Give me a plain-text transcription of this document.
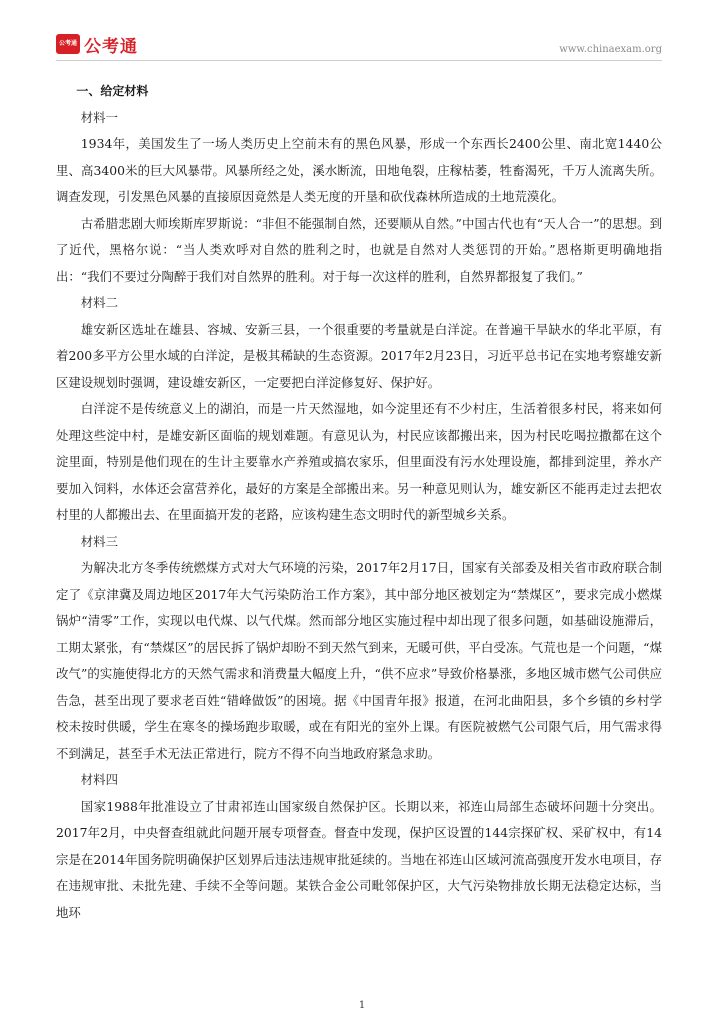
公考通 公考通	www.chinaexam.org

一、给定材料

材料一

1934年，美国发生了一场人类历史上空前未有的黑色风暴，形成一个东西长2400公里、南北宽1440公里、高3400米的巨大风暴带。风暴所经之处，溪水断流，田地龟裂，庄稼枯萎，牲畜渴死，千万人流离失所。调查发现，引发黑色风暴的直接原因竟然是人类无度的开垦和砍伐森林所造成的土地荒漠化。

古希腊悲剧大师埃斯库罗斯说：“非但不能强制自然，还要顺从自然。”中国古代也有“天人合一”的思想。到了近代，黑格尔说：“当人类欢呼对自然的胜利之时，也就是自然对人类惩罚的开始。”恩格斯更明确地指出：“我们不要过分陶醉于我们对自然界的胜利。对于每一次这样的胜利，自然界都报复了我们。”

材料二

雄安新区选址在雄县、容城、安新三县，一个很重要的考量就是白洋淀。在普遍干旱缺水的华北平原，有着200多平方公里水域的白洋淀，是极其稀缺的生态资源。2017年2月23日，习近平总书记在实地考察雄安新区建设规划时强调，建设雄安新区，一定要把白洋淀修复好、保护好。

白洋淀不是传统意义上的湖泊，而是一片天然湿地，如今淀里还有不少村庄，生活着很多村民，将来如何处理这些淀中村，是雄安新区面临的规划难题。有意见认为，村民应该都搬出来，因为村民吃喝拉撒都在这个淀里面，特别是他们现在的生计主要靠水产养殖或搞农家乐，但里面没有污水处理设施，都排到淀里，养水产要加入饲料，水体还会富营养化，最好的方案是全部搬出来。另一种意见则认为，雄安新区不能再走过去把农村里的人都搬出去、在里面搞开发的老路，应该构建生态文明时代的新型城乡关系。

材料三

为解决北方冬季传统燃煤方式对大气环境的污染，2017年2月17日，国家有关部委及相关省市政府联合制定了《京津冀及周边地区2017年大气污染防治工作方案》，其中部分地区被划定为“禁煤区”，要求完成小燃煤锅炉“清零”工作，实现以电代煤、以气代煤。然而部分地区实施过程中却出现了很多问题，如基础设施滞后，工期太紧张，有“禁煤区”的居民拆了锅炉却盼不到天然气到来，无暖可供，平白受冻。气荒也是一个问题，“煤改气”的实施使得北方的天然气需求和消费量大幅度上升，“供不应求”导致价格暴涨，多地区城市燃气公司供应告急，甚至出现了要求老百姓“错峰做饭”的困境。据《中国青年报》报道，在河北曲阳县，多个乡镇的乡村学校未按时供暖，学生在寒冬的操场跑步取暖，或在有阳光的室外上课。有医院被燃气公司限气后，用气需求得不到满足，甚至手术无法正常进行，院方不得不向当地政府紧急求助。

材料四

国家1988年批准设立了甘肃祁连山国家级自然保护区。长期以来，祁连山局部生态破坏问题十分突出。2017年2月，中央督查组就此问题开展专项督查。督查中发现，保护区设置的144宗探矿权、采矿权中，有14宗是在2014年国务院明确保护区划界后违法违规审批延续的。当地在祁连山区域河流高强度开发水电项目，存在违规审批、未批先建、手续不全等问题。某铁合金公司毗邻保护区，大气污染物排放长期无法稳定达标，当地环

1
